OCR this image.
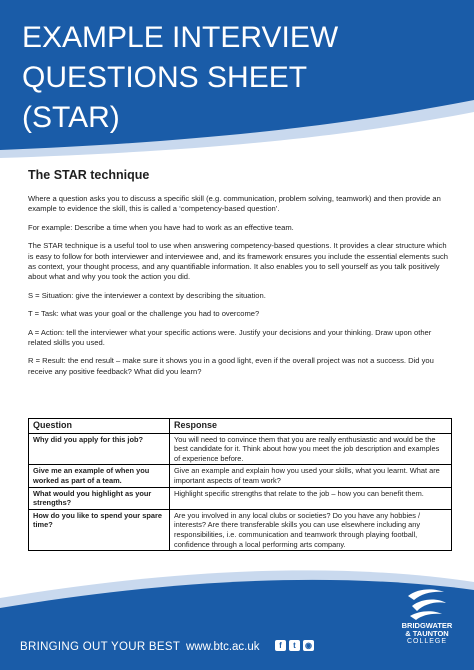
EXAMPLE INTERVIEW
QUESTIONS SHEET
(STAR)
The STAR technique

Where a question asks you to discuss a specific skill (e.g. communication, problem solving, teamwork) and then provide an example to evidence the skill, this is called a ‘competency-based question’.

For example: Describe a time when you have had to work as an effective team.

The STAR technique is a useful tool to use when answering competency-based questions. It provides a clear structure which is easy to follow for both interviewer and interviewee and, and its framework ensures you include the essential elements such as context, your thought process, and any quantifiable information. It also enables you to sell yourself as you talk positively about what and why you took the action you did.

S = Situation: give the interviewer a context by describing the situation.

T = Task: what was your goal or the challenge you had to overcome?

A = Action: tell the interviewer what your specific actions were. Justify your decisions and your thinking. Draw upon other related skills you used.

R = Result: the end result – make sure it shows you in a good light, even if the overall project was not a success. Did you receive any positive feedback? What did you learn?

Question	Response
Why did you apply for this job?	You will need to convince them that you are really enthusiastic and would be the best candidate for it. Think about how you meet the job description and examples of experience before.
Give me an example of when you worked as part of a team.	Give an example and explain how you used your skills, what you learnt. What are important aspects of team work?
What would you highlight as your strengths?	Highlight specific strengths that relate to the job – how you can benefit them.
How do you like to spend your spare time?	Are you involved in any local clubs or societies? Do you have any hobbies / interests? Are there transferable skills you can use elsewhere including any responsibilities, i.e. communication and teamwork through playing football, confidence through a local performing arts company.
BRINGING OUT YOUR BEST www.btc.ac.uk	f	t	◉
BRIDGWATER
& TAUNTON
COLLEGE
